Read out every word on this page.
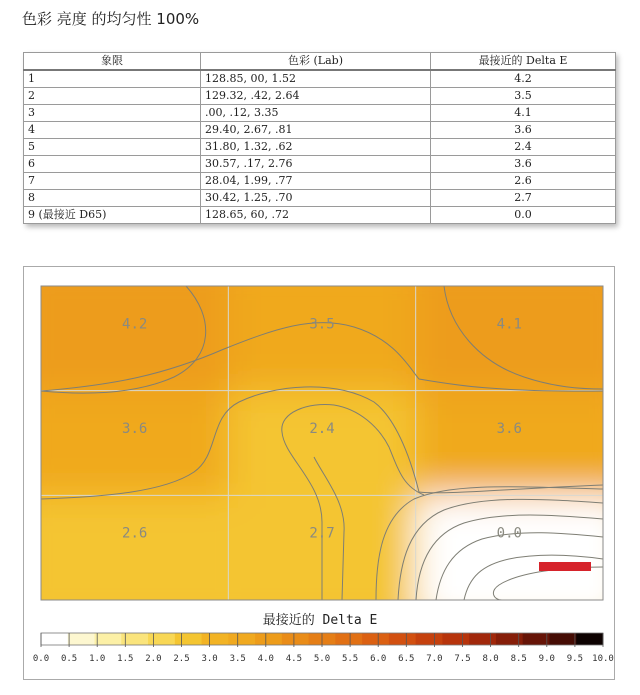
色彩 亮度 的均匀性 100%
象限	色彩 (Lab)	最接近的 Delta E
1	128.85, 00, 1.52	4.2
2	129.32, .42, 2.64	3.5
3	.00, .12, 3.35	4.1
4	29.40, 2.67, .81	3.6
5	31.80, 1.32, .62	2.4
6	30.57, .17, 2.76	3.6
7	28.04, 1.99, .77	2.6
8	30.42, 1.25, .70	2.7
9 (最接近 D65)	128.65, 60, .72	0.0
4.2	3.5	4.1
3.6	2.4	3.6
2.6	2.7	0.0
最接近的 Delta E
0.0 0.5 1.0 1.5 2.0 2.5 3.0 3.5 4.0 4.5 5.0 5.5 6.0 6.5 7.0 7.5 8.0 8.5 9.0 9.5 10.0
